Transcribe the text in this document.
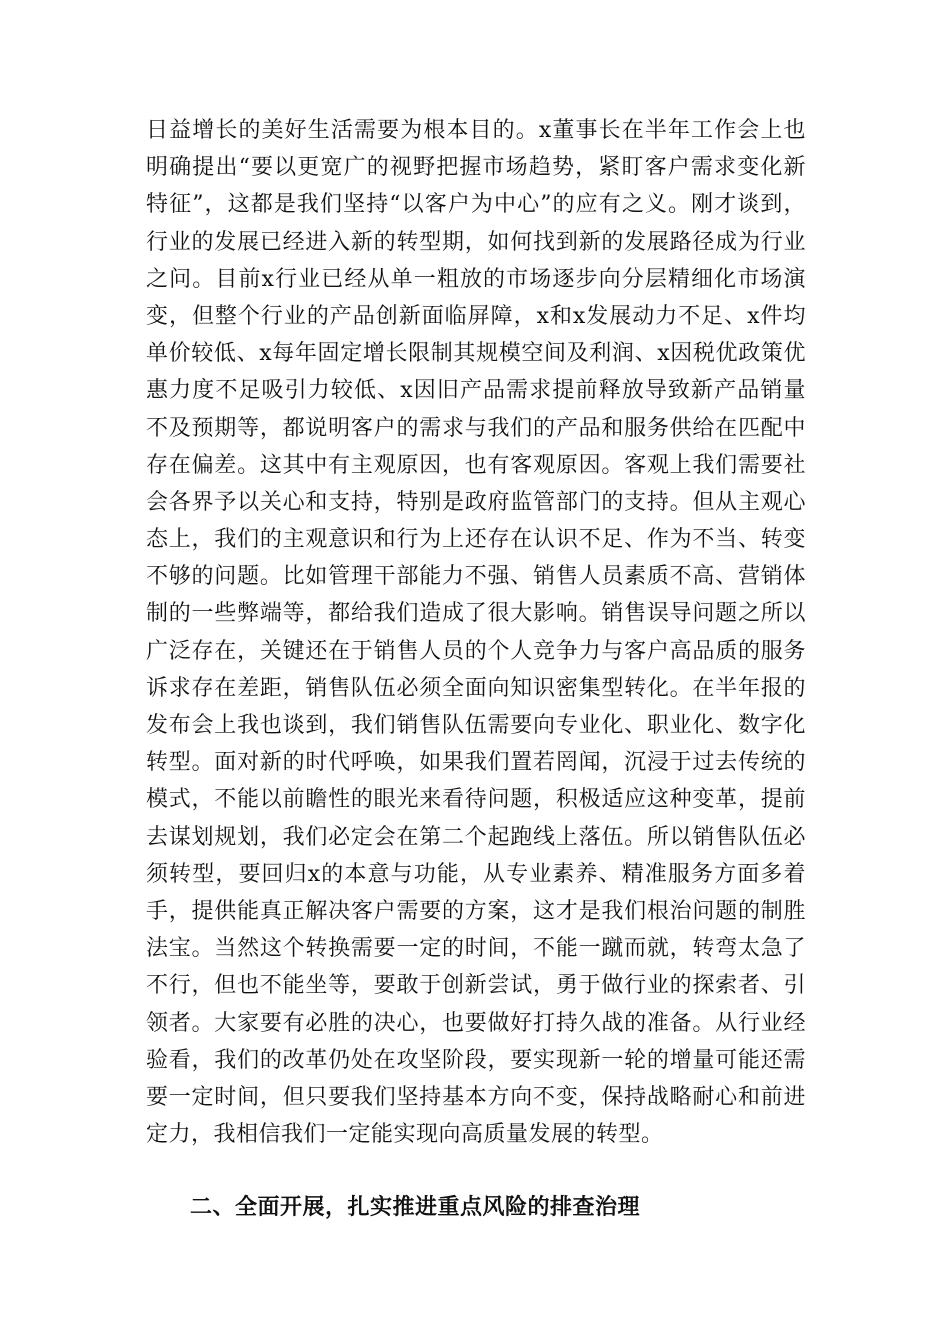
日益增长的美好生活需要为根本目的。x董事长在半年工作会上也
明确提出“要以更宽广的视野把握市场趋势，紧盯客户需求变化新
特征”，这都是我们坚持“以客户为中心”的应有之义。刚才谈到，
行业的发展已经进入新的转型期，如何找到新的发展路径成为行业
之问。目前x行业已经从单一粗放的市场逐步向分层精细化市场演
变，但整个行业的产品创新面临屏障，x和x发展动力不足、x件均
单价较低、x每年固定增长限制其规模空间及利润、x因税优政策优
惠力度不足吸引力较低、x因旧产品需求提前释放导致新产品销量
不及预期等，都说明客户的需求与我们的产品和服务供给在匹配中
存在偏差。这其中有主观原因，也有客观原因。客观上我们需要社
会各界予以关心和支持，特别是政府监管部门的支持。但从主观心
态上，我们的主观意识和行为上还存在认识不足、作为不当、转变
不够的问题。比如管理干部能力不强、销售人员素质不高、营销体
制的一些弊端等，都给我们造成了很大影响。销售误导问题之所以
广泛存在，关键还在于销售人员的个人竞争力与客户高品质的服务
诉求存在差距，销售队伍必须全面向知识密集型转化。在半年报的
发布会上我也谈到，我们销售队伍需要向专业化、职业化、数字化
转型。面对新的时代呼唤，如果我们置若罔闻，沉浸于过去传统的
模式，不能以前瞻性的眼光来看待问题，积极适应这种变革，提前
去谋划规划，我们必定会在第二个起跑线上落伍。所以销售队伍必
须转型，要回归x的本意与功能，从专业素养、精准服务方面多着
手，提供能真正解决客户需要的方案，这才是我们根治问题的制胜
法宝。当然这个转换需要一定的时间，不能一蹴而就，转弯太急了
不行，但也不能坐等，要敢于创新尝试，勇于做行业的探索者、引
领者。大家要有必胜的决心，也要做好打持久战的准备。从行业经
验看，我们的改革仍处在攻坚阶段，要实现新一轮的增量可能还需
要一定时间，但只要我们坚持基本方向不变，保持战略耐心和前进
定力，我相信我们一定能实现向高质量发展的转型。
二、全面开展，扎实推进重点风险的排查治理
